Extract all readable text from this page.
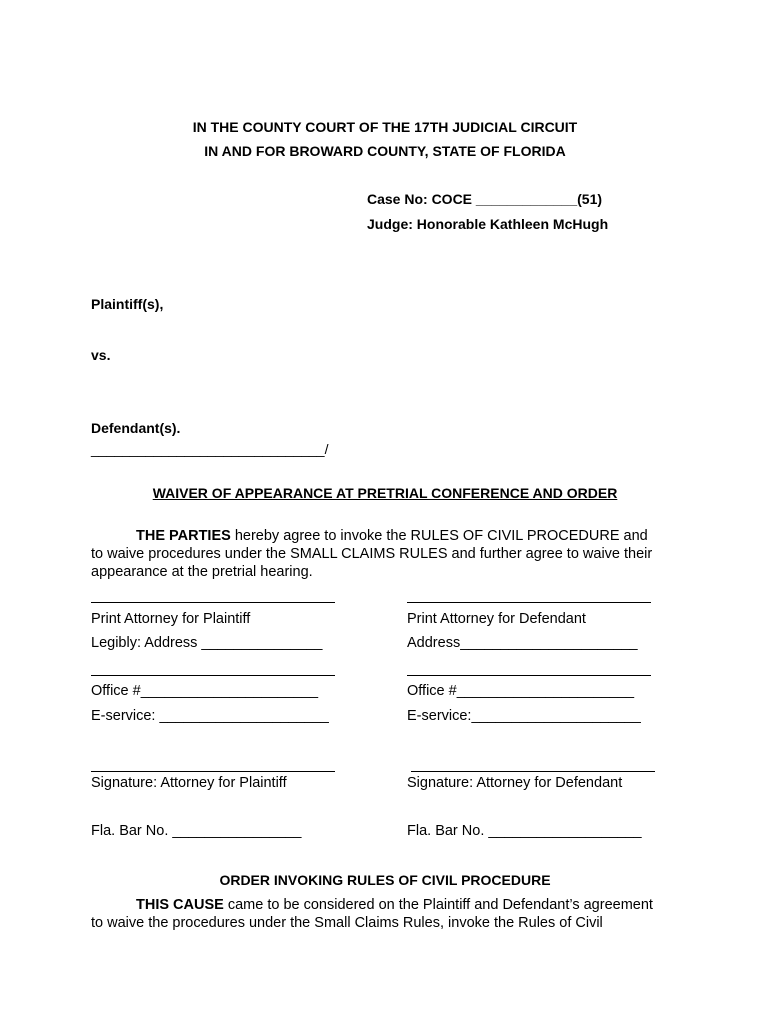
IN THE COUNTY COURT OF THE 17TH JUDICIAL CIRCUIT
IN AND FOR BROWARD COUNTY, STATE OF FLORIDA
Case No: COCE _____________(51)
Judge: Honorable Kathleen McHugh
Plaintiff(s),
vs.
Defendant(s).
______________________________/
WAIVER OF APPEARANCE AT PRETRIAL CONFERENCE AND ORDER
THE PARTIES hereby agree to invoke the RULES OF CIVIL PROCEDURE and
to waive procedures under the SMALL CLAIMS RULES and further agree to waive their
appearance at the pretrial hearing.
Print Attorney for Plaintiff	Print Attorney for Defendant
Legibly: Address _______________	Address______________________
Office #______________________	Office #______________________
E-service: _____________________	E-service:_____________________
Signature: Attorney for Plaintiff	Signature: Attorney for Defendant
Fla. Bar No. ________________	Fla. Bar No. ___________________
ORDER INVOKING RULES OF CIVIL PROCEDURE
THIS CAUSE came to be considered on the Plaintiff and Defendant’s agreement
to waive the procedures under the Small Claims Rules, invoke the Rules of Civil
